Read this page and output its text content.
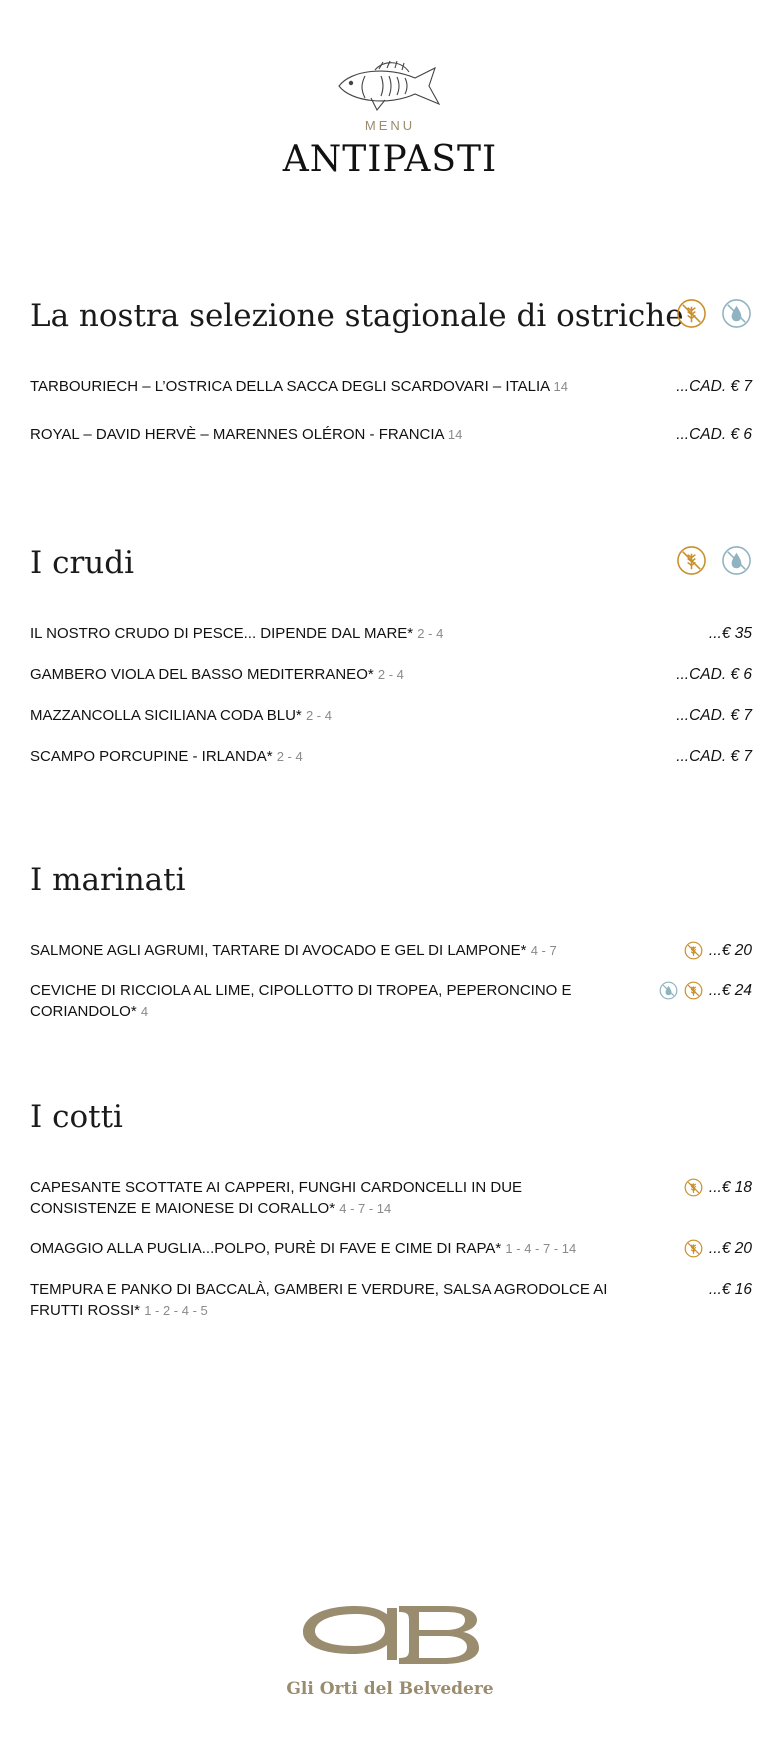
MENU
ANTIPASTI
La nostra selezione stagionale di ostriche
TARBOURIECH – L’OSTRICA DELLA SACCA DEGLI SCARDOVARI – ITALIA 14	...CAD. € 7
ROYAL – DAVID HERVÈ – MARENNES OLÉRON - FRANCIA 14	...CAD. € 6
I crudi
IL NOSTRO CRUDO DI PESCE... DIPENDE DAL MARE* 2 - 4	...€ 35
GAMBERO VIOLA DEL BASSO MEDITERRANEO* 2 - 4	...CAD. € 6
MAZZANCOLLA SICILIANA CODA BLU* 2 - 4	...CAD. € 7
SCAMPO PORCUPINE - IRLANDA* 2 - 4	...CAD. € 7
I marinati
SALMONE AGLI AGRUMI, TARTARE DI AVOCADO E GEL DI LAMPONE* 4 - 7	...€ 20
CEVICHE DI RICCIOLA AL LIME, CIPOLLOTTO DI TROPEA, PEPERONCINO E CORIANDOLO* 4
...€ 24
I cotti
CAPESANTE SCOTTATE AI CAPPERI, FUNGHI CARDONCELLI IN DUE CONSISTENZE E MAIONESE DI CORALLO* 4 - 7 - 14
...€ 18
OMAGGIO ALLA PUGLIA...POLPO, PURÈ DI FAVE E CIME DI RAPA* 1 - 4 - 7 - 14	...€ 20
TEMPURA E PANKO DI BACCALÀ, GAMBERI E VERDURE, SALSA AGRODOLCE AI FRUTTI ROSSI* 1 - 2 - 4 - 5
...€ 16
Gli Orti del Belvedere
